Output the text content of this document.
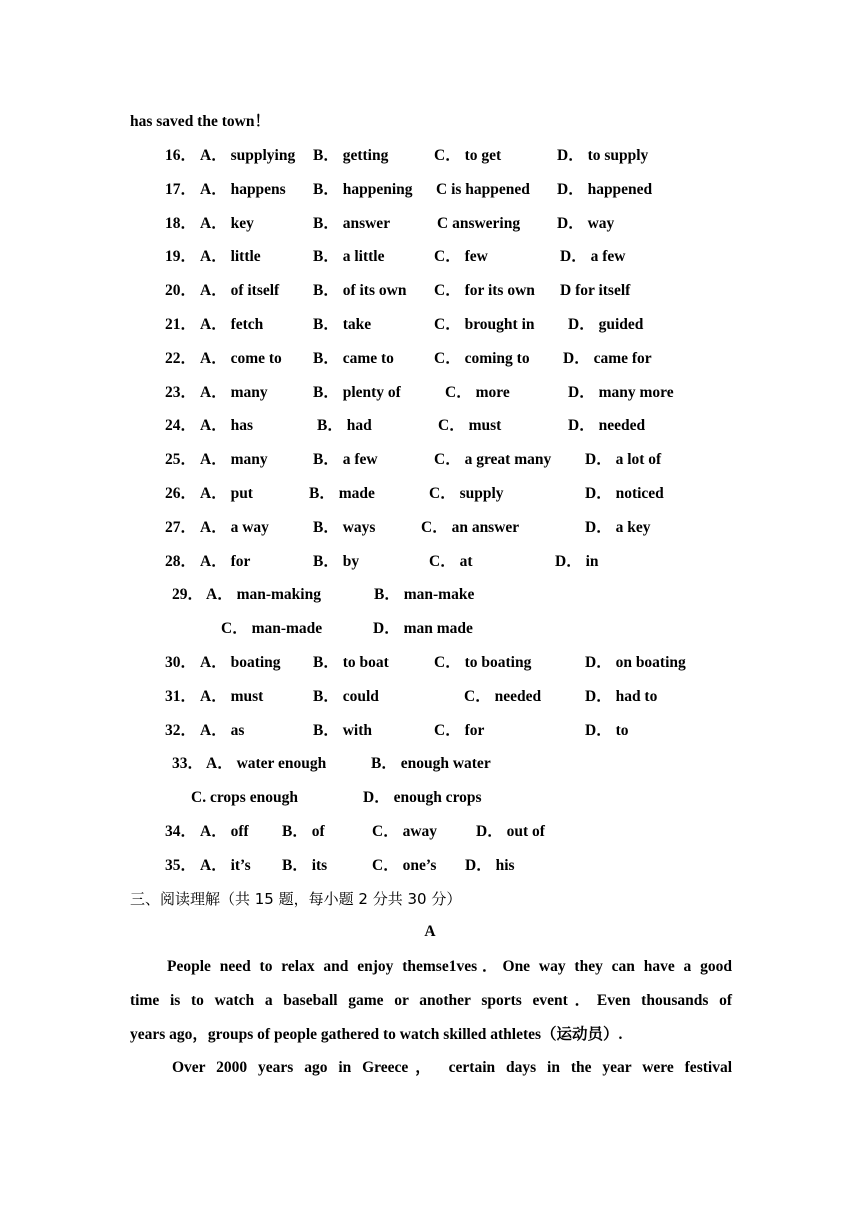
has saved the town！
16． A． supplying B． getting	C． to get	D． to supply
17． A． happens B． happening C is happened D． happened
18． A． key	B． answer	C answering D． way
19． A． little	B． a little	C． few	D． a few
20． A． of itself B． of its own C． for its own D for itself
21． A． fetch	B． take	C． brought in D． guided
22． A． come to B． came to	C． coming to D． came for
23． A． many	B． plenty of	C． more	D． many more
24． A． has	B． had	C． must	D． needed
25． A． many	B． a few	C． a great many D． a lot of
26． A． put	B． made	C． supply	D． noticed
27． A． a way	B． ways	C． an answer	D． a key
28． A． for	B． by	C． at	D． in
29． A． man-making	B． man-make
C． man-made	D． man made
30． A． boating B． to boat	C． to boating	D． on boating
31． A． must	B． could	C． needed	D． had to
32． A． as	B． with	C． for	D． to
33． A． water enough	B． enough water
C. crops enough	D． enough crops
34． A． off B． of	C． away	D． out of
35． A． it’s B． its	C． one’s D． his
三、阅读理解（共 15 题，每小题 2 分共 30 分）
A
People need to relax and enjoy themse1ves．One way they can have a good
time is to watch a baseball game or another sports event．Even thousands of
years ago，groups of people gathered to watch skilled athletes（运动员）.
Over 2000 years ago in Greece， certain days in the year were festival
